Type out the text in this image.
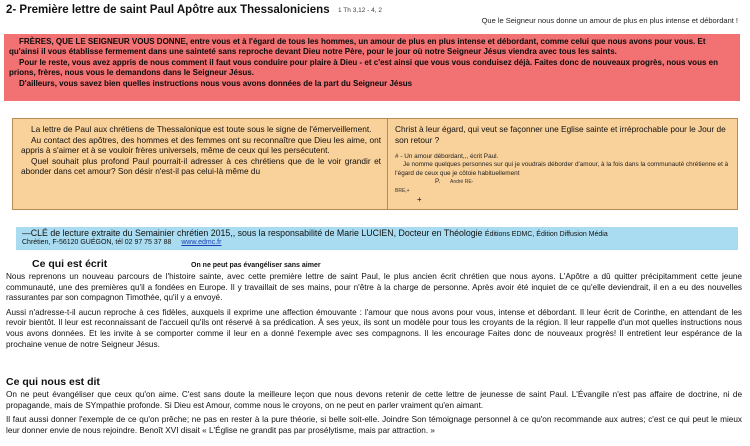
2- Première lettre de saint Paul Apôtre aux Thessaloniciens 1 Th 3,12 - 4, 2
Que le Seigneur nous donne un amour de plus en plus intense et débordant !

FRÈRES, QUE LE SEIGNEUR VOUS DONNE, entre vous et à l'égard de tous les hommes, un amour de plus en plus intense et débordant, comme celui que nous avons pour vous. Et qu'ainsi il vous établisse fermement dans une sainteté sans reproche devant Dieu notre Père, pour le jour où notre Seigneur Jésus viendra avec tous les saints.

Pour le reste, vous avez appris de nous comment il faut vous conduire pour plaire à Dieu - et c'est ainsi que vous vous conduisez déjà. Faites donc de nouveaux progrès, nous vous en prions, frères, nous vous le demandons dans le Seigneur Jésus.

D'ailleurs, vous savez bien quelles instructions nous vous avons données de la part du Seigneur Jésus

La lettre de Paul aux chrétiens de Thessalonique est toute sous le signe de l'émerveillement.

Au contact des apôtres, des hommes et des femmes ont su reconnaître que Dieu les aime, ont appris à s'aimer et à se vouloir frères universels, même de ceux qui les persécutent.

Quel souhait plus profond Paul pourrait-il adresser à ces chrétiens que de le voir grandir et abonder dans cet amour? Son désir n'est-il pas celui-là même du

Christ à leur égard, qui veut se façonner une Eglise sainte et irréprochable pour le Jour de son retour ?

# - Un amour débordant,,, écrit Paul.
Je nomme quelques personnes sur qui je voudrais déborder d'amour, à la fois dans la communauté chrétienne et à l'égard de ceux que je côtoie habituellement P. André RE-
BRE,+

+
—CLÉ de lecture extraite du Semainier chrétien 2015,, sous la responsabilité de Marie LUCIEN, Docteur en Théologie Éditions EDMC, Édition Diffusion Média
Chrétien, F-56120 GUÉGON, tél 02 97 75 37 88 www.edmc.fr
Ce qui est écrit	On ne peut pas évangéliser sans aimer

Nous reprenons un nouveau parcours de l'histoire sainte, avec cette première lettre de saint Paul, le plus ancien écrit chrétien que nous ayons. L'Apôtre a dû quitter précipitamment cette jeune communauté, une des premières qu'il a fondées en Europe. Il y travaillait de ses mains, pour n'être à la charge de personne. Après avoir été inquiet de ce qu'elle deviendrait, il en a eu des nouvelles rassurantes par son compagnon Timothée, qu'il y a envoyé.

Aussi n'adresse-t-il aucun reproche à ces fidèles, auxquels il exprime une affection émouvante : l'amour que nous avons pour vous, intense et débordant. Il leur écrit de Corinthe, en attendant de les revoir bientôt. Il leur est reconnaissant de l'accueil qu'ils ont réservé à sa prédication. À ses yeux, ils sont un modèle pour tous les croyants de la région. Il leur rappelle d'un mot quelles instructions nous vous avons données. Et les invite à se comporter comme il leur en a donné l'exemple avec ses compagnons. Il les encourage Faites donc de nouveaux progrès! Il entretient leur espérance de la prochaine venue de notre Seigneur Jésus.

Ce qui nous est dit

On ne peut évangéliser que ceux qu'on aime. C'est sans doute la meilleure leçon que nous devons retenir de cette lettre de jeunesse de saint Paul. L'Évangile n'est pas affaire de doctrine, ni de propagande, mais de SYmpathie profonde. Si Dieu est Amour, comme nous le croyons, on ne peut en parler vraiment qu'en aimant.

Il faut aussi donner l'exemple de ce qu'on prêche; ne pas en rester à la pure théorie, si belle soit-elle. Joindre Son témoignage personnel à ce qu'on recommande aux autres; c'est ce qui peut le mieux leur donner envie de nous rejoindre. Benoît XVI disait « L'Église ne grandit pas par prosélytisme, mais par attraction. »
